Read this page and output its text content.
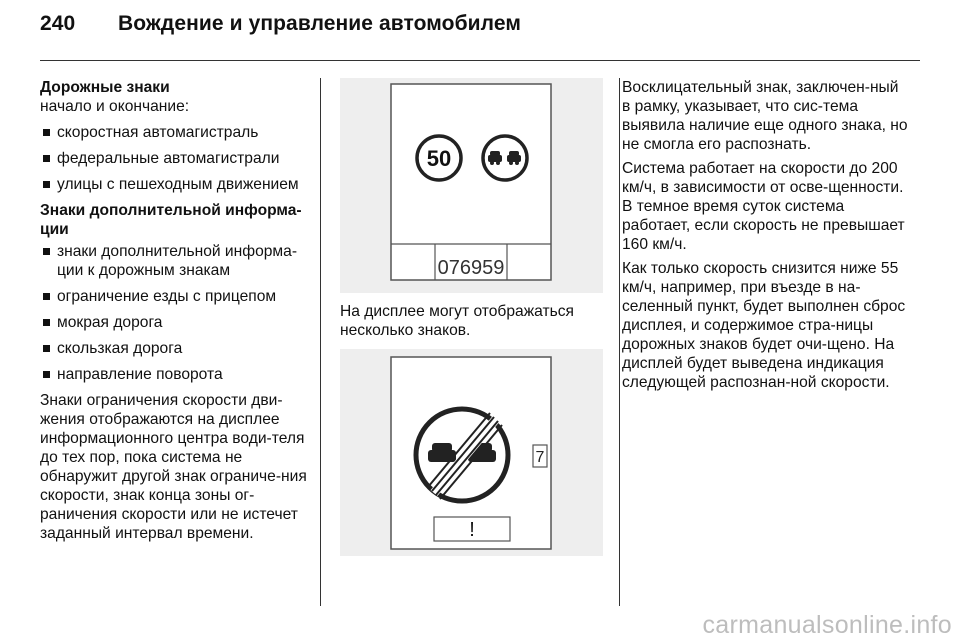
240 Вождение и управление автомобилем
Дорожные знаки
начало и окончание:
скоростная автомагистраль
федеральные автомагистрали
улицы с пешеходным движением
Знаки дополнительной информа-ции
знаки дополнительной информа-ции к дорожным знакам
ограничение езды с прицепом
мокрая дорога
скользкая дорога
направление поворота

Знаки ограничения скорости дви-жения отображаются на дисплее информационного центра води-теля до тех пор, пока система не обнаружит другой знак ограниче-ния скорости, знак конца зоны ог-раничения скорости или не истечет заданный интервал времени.

50
076959
На дисплее могут отображаться несколько знаков.
7
!

Восклицательный знак, заключен-ный в рамку, указывает, что сис-тема выявила наличие еще одного знака, но не смогла его распознать.

Система работает на скорости до 200 км/ч, в зависимости от осве-щенности. В темное время суток система работает, если скорость не превышает 160 км/ч.

Как только скорость снизится ниже 55 км/ч, например, при въезде в на-селенный пункт, будет выполнен сброс дисплея, и содержимое стра-ницы дорожных знаков будет очи-щено. На дисплей будет выведена индикация следующей распознан-ной скорости.

carmanualsonline.info
